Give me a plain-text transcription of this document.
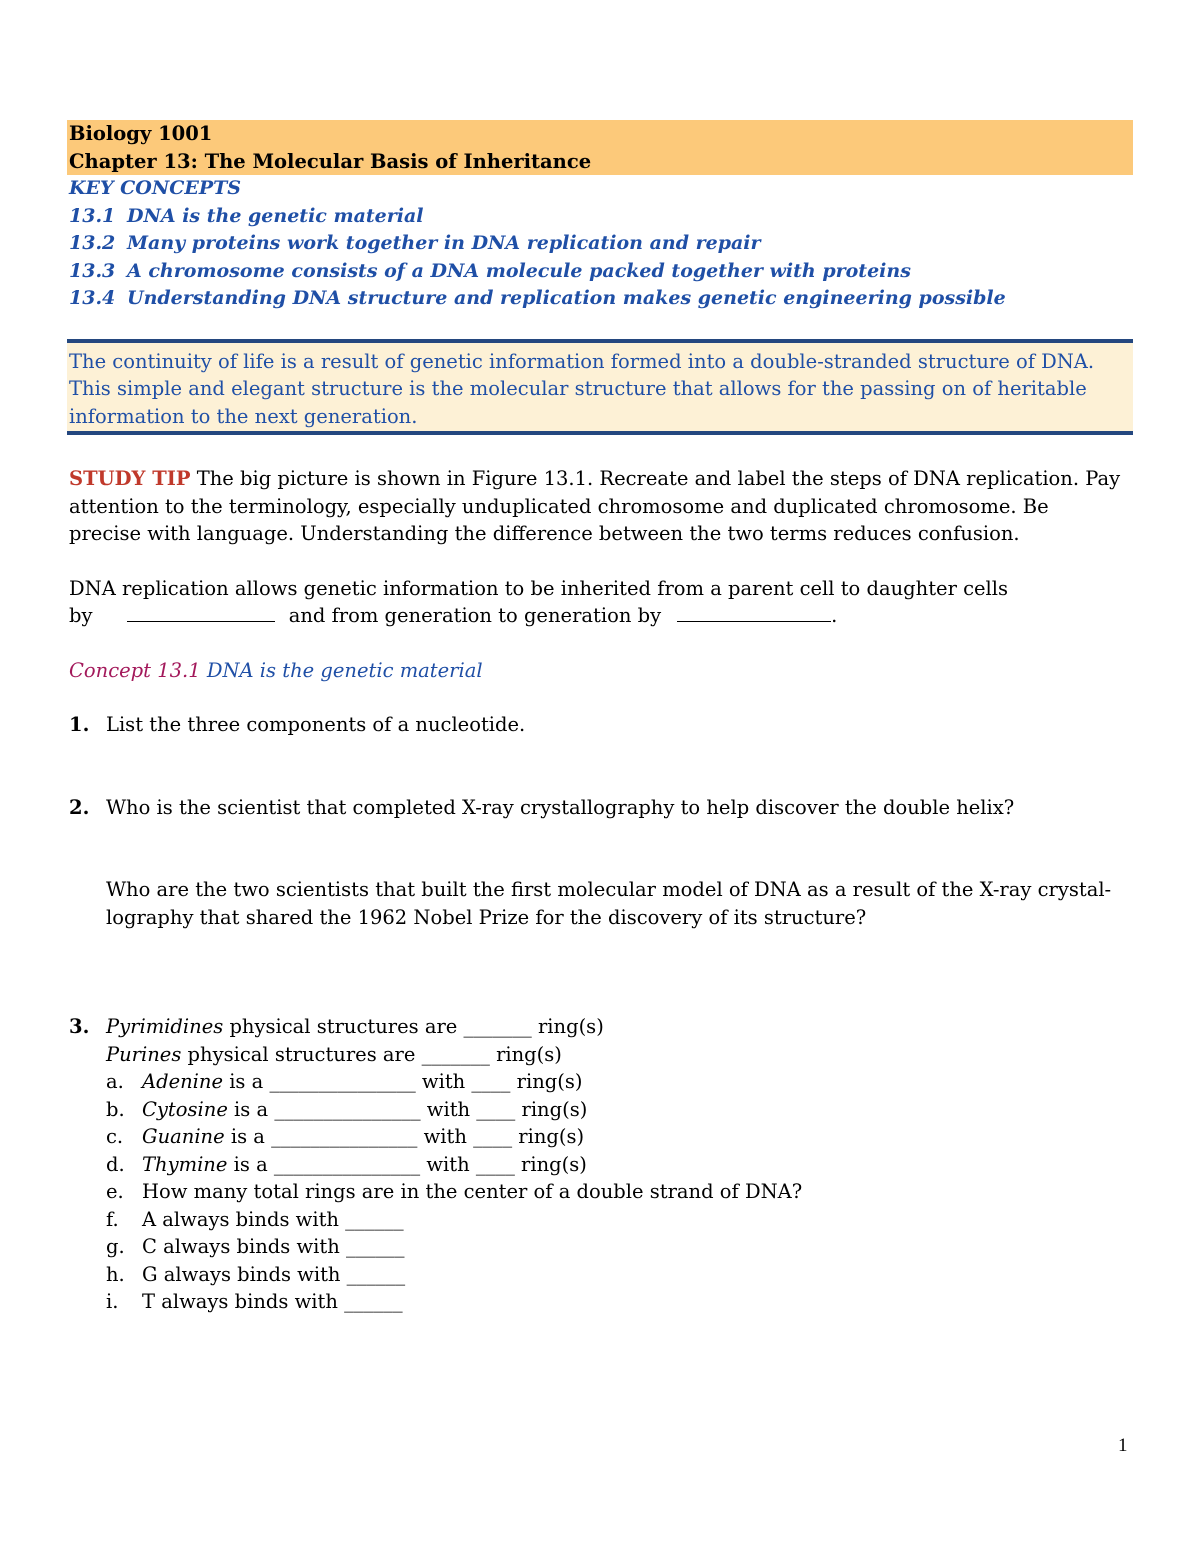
Biology 1001
Chapter 13: The Molecular Basis of Inheritance
KEY CONCEPTS
13.1 DNA is the genetic material
13.2 Many proteins work together in DNA replication and repair
13.3 A chromosome consists of a DNA molecule packed together with proteins
13.4 Understanding DNA structure and replication makes genetic engineering possible
The continuity of life is a result of genetic information formed into a double-stranded structure of DNA.
This simple and elegant structure is the molecular structure that allows for the passing on of heritable
information to the next generation.
STUDY TIP The big picture is shown in Figure 13.1. Recreate and label the steps of DNA replication. Pay
attention to the terminology, especially unduplicated chromosome and duplicated chromosome. Be
precise with language. Understanding the difference between the two terms reduces confusion.
DNA replication allows genetic information to be inherited from a parent cell to daughter cells
by	and from generation to generation by	.
Concept 13.1 DNA is the genetic material
1. List the three components of a nucleotide.
2. Who is the scientist that completed X-ray crystallography to help discover the double helix?
Who are the two scientists that built the first molecular model of DNA as a result of the X-ray crystal-
lography that shared the 1962 Nobel Prize for the discovery of its structure?
3. Pyrimidines physical structures are _______ ring(s)
Purines physical structures are _______ ring(s)
a. Adenine is a _______________ with ____ ring(s)
b. Cytosine is a _______________ with ____ ring(s)
c. Guanine is a _______________ with ____ ring(s)
d. Thymine is a _______________ with ____ ring(s)
e. How many total rings are in the center of a double strand of DNA?
f. A always binds with ______
g. C always binds with ______
h. G always binds with ______
i. T always binds with ______
1
